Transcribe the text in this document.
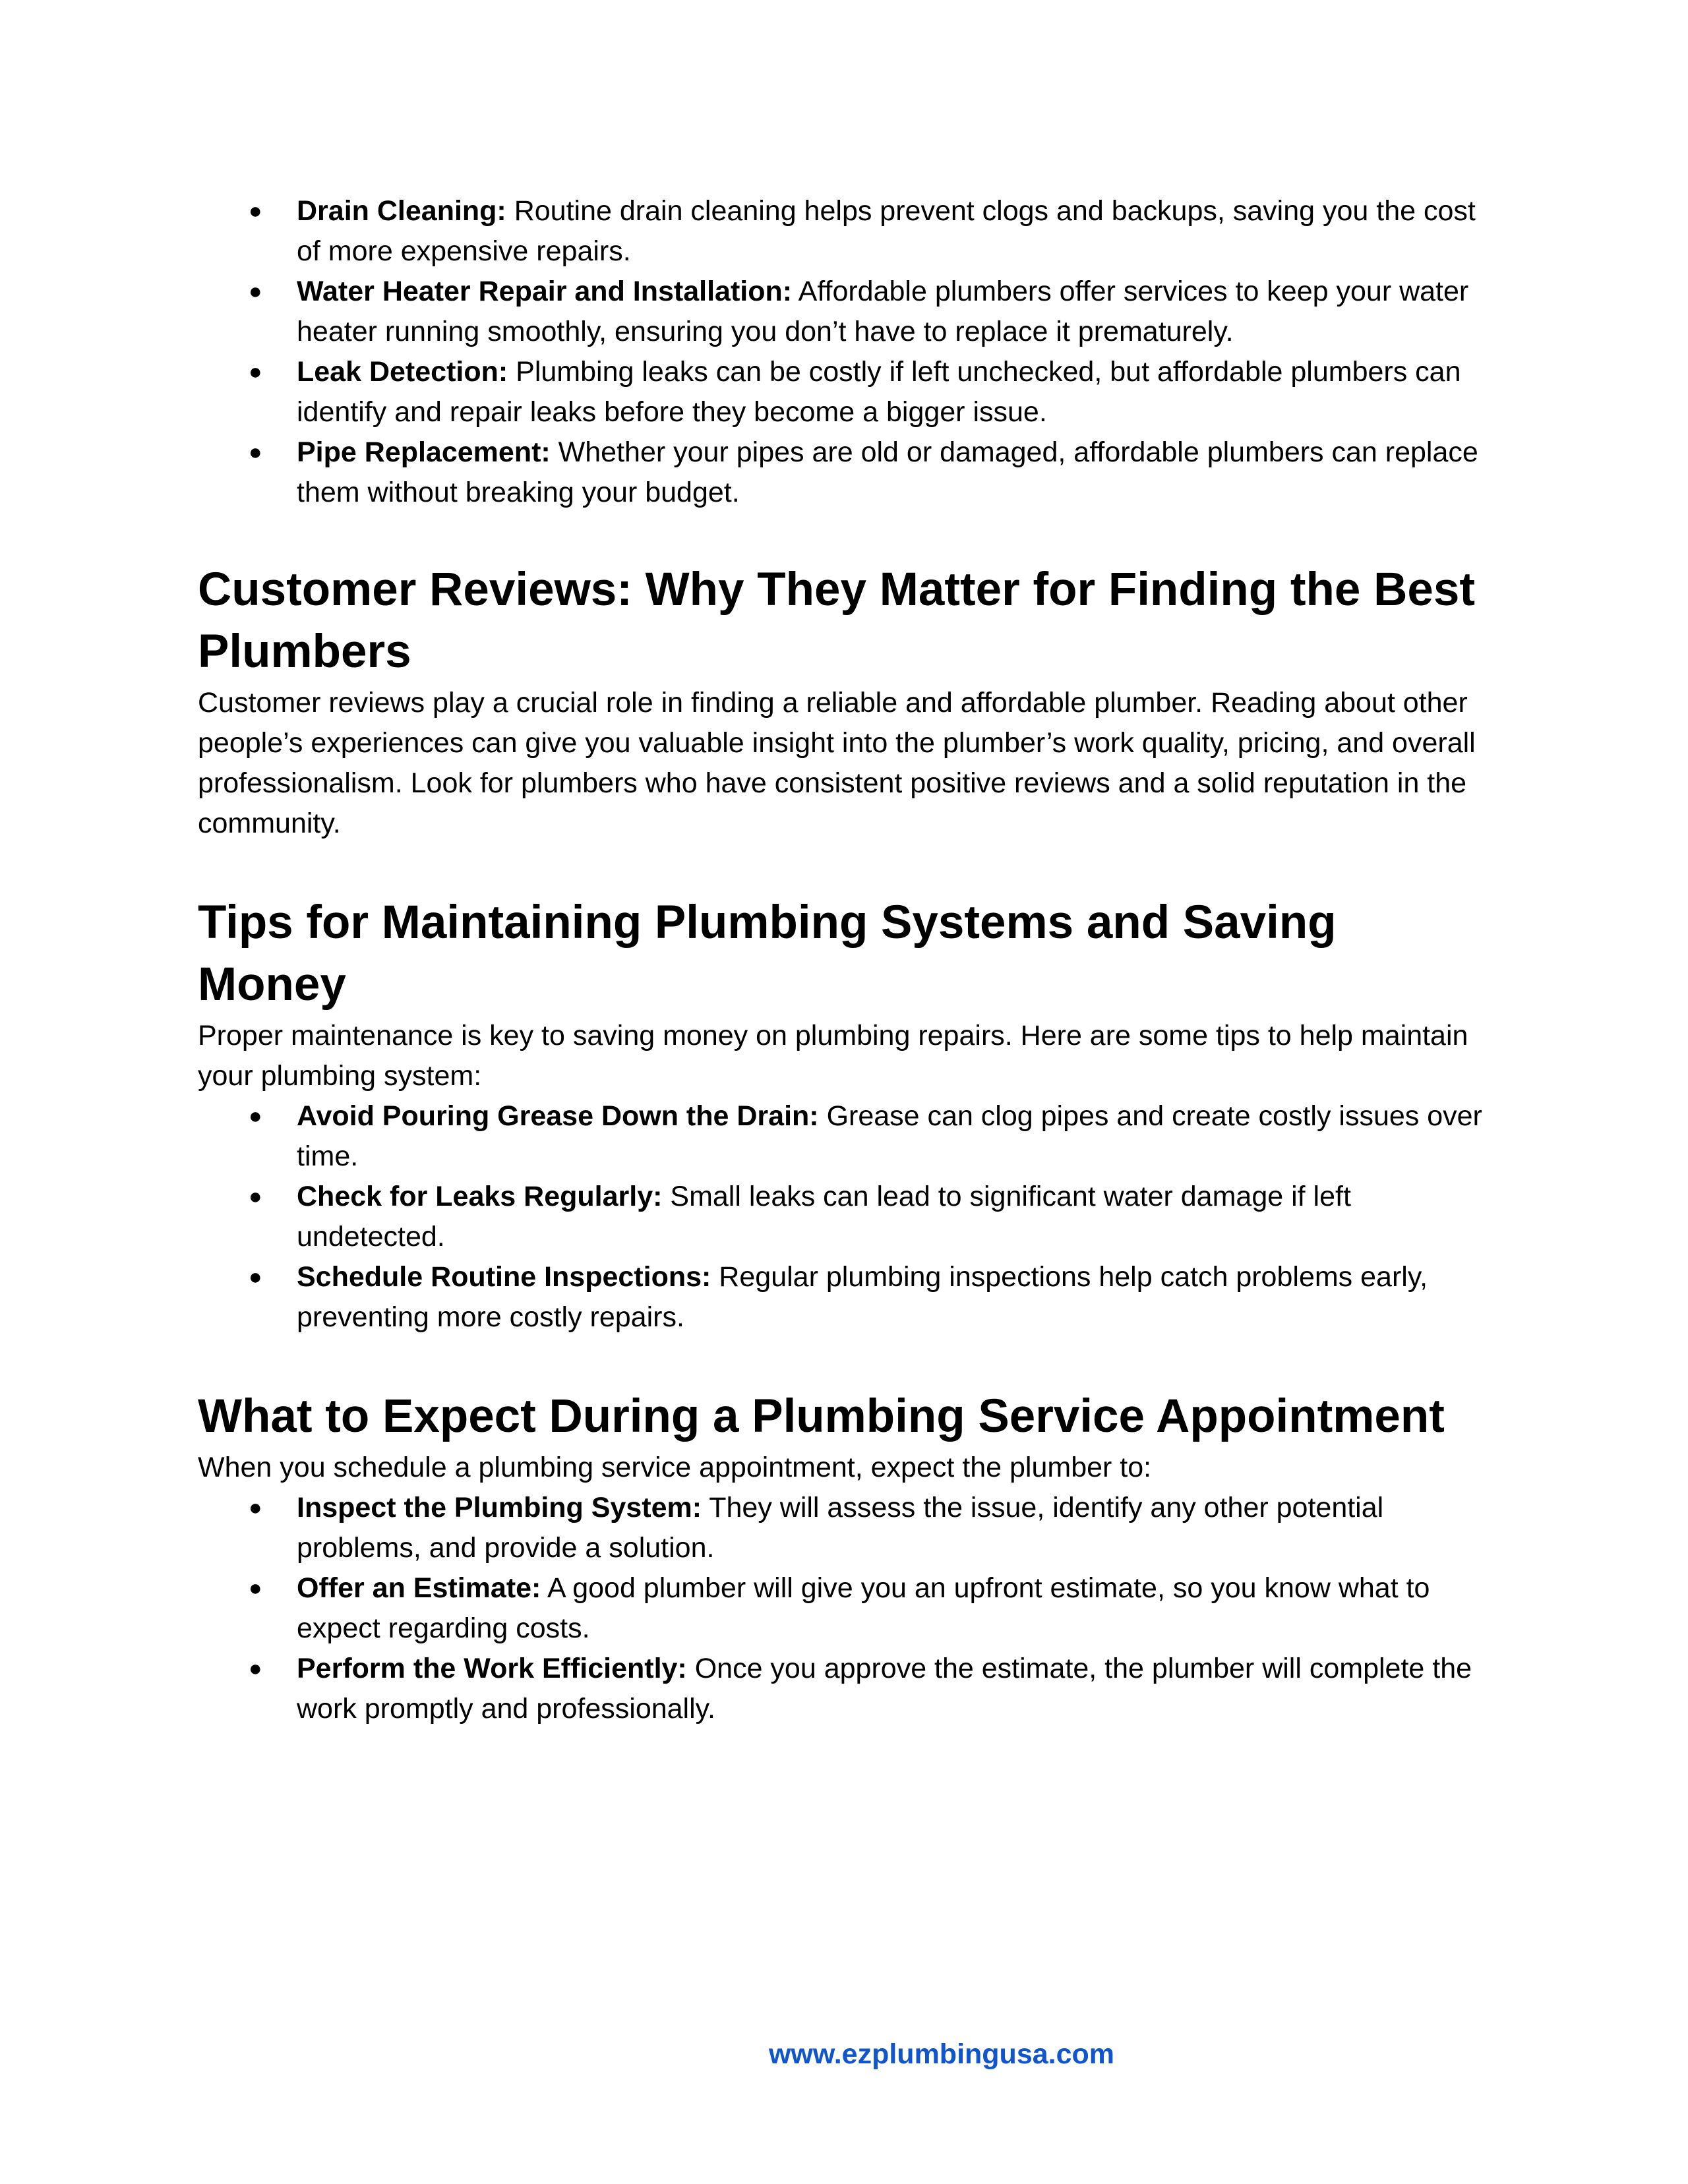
● Drain Cleaning: Routine drain cleaning helps prevent clogs and backups, saving you the cost of more expensive repairs.
● Water Heater Repair and Installation: Affordable plumbers offer services to keep your water heater running smoothly, ensuring you don’t have to replace it prematurely.
● Leak Detection: Plumbing leaks can be costly if left unchecked, but affordable plumbers can identify and repair leaks before they become a bigger issue.
● Pipe Replacement: Whether your pipes are old or damaged, affordable plumbers can replace them without breaking your budget.
Customer Reviews: Why They Matter for Finding the Best Plumbers

Customer reviews play a crucial role in finding a reliable and affordable plumber. Reading about other people’s experiences can give you valuable insight into the plumber’s work quality, pricing, and overall professionalism. Look for plumbers who have consistent positive reviews and a solid reputation in the community.

Tips for Maintaining Plumbing Systems and Saving Money

Proper maintenance is key to saving money on plumbing repairs. Here are some tips to help maintain your plumbing system:

● Avoid Pouring Grease Down the Drain: Grease can clog pipes and create costly issues over time.
● Check for Leaks Regularly: Small leaks can lead to significant water damage if left undetected.
● Schedule Routine Inspections: Regular plumbing inspections help catch problems early, preventing more costly repairs.
What to Expect During a Plumbing Service Appointment

When you schedule a plumbing service appointment, expect the plumber to:

● Inspect the Plumbing System: They will assess the issue, identify any other potential problems, and provide a solution.
● Offer an Estimate: A good plumber will give you an upfront estimate, so you know what to expect regarding costs.
● Perform the Work Efficiently: Once you approve the estimate, the plumber will complete the work promptly and professionally.
www.ezplumbingusa.com
